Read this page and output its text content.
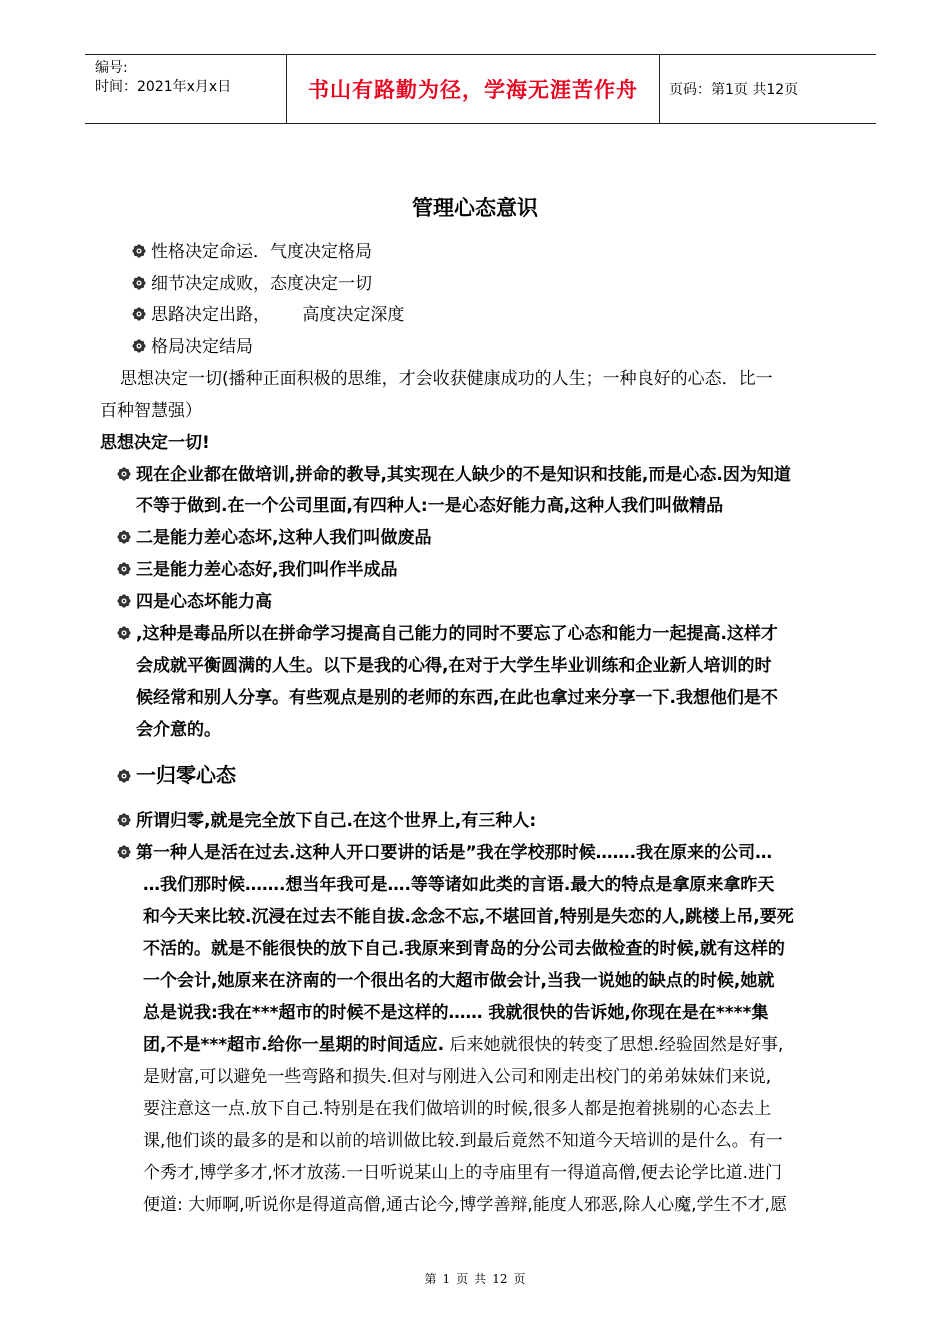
编号:
时间：2021年x月x日	书山有路勤为径，学海无涯苦作舟	页码：第1页 共12页
管理心态意识
性格决定命运．气度决定格局
细节决定成败，态度决定一切
思路决定出路，      高度决定深度
格局决定结局
思想决定一切(播种正面积极的思维，才会收获健康成功的人生；一种良好的心态．比一
百种智慧强）
思想决定一切!
现在企业都在做培训,拼命的教导,其实现在人缺少的不是知识和技能,而是心态.因为知道
不等于做到.在一个公司里面,有四种人:一是心态好能力高,这种人我们叫做精品
二是能力差心态坏,这种人我们叫做废品
三是能力差心态好,我们叫作半成品
四是心态坏能力高
,这种是毒品所以在拼命学习提高自己能力的同时不要忘了心态和能力一起提高.这样才
会成就平衡圆满的人生。以下是我的心得,在对于大学生毕业训练和企业新人培训的时
候经常和别人分享。有些观点是别的老师的东西,在此也拿过来分享一下.我想他们是不
会介意的。
一归零心态
所谓归零,就是完全放下自己.在这个世界上,有三种人:
第一种人是活在过去.这种人开口要讲的话是”我在学校那时候…….我在原来的公司…
…我们那时候…….想当年我可是….等等诸如此类的言语.最大的特点是拿原来拿昨天
和今天来比较.沉浸在过去不能自拔.念念不忘,不堪回首,特别是失恋的人,跳楼上吊,要死
不活的。就是不能很快的放下自己.我原来到青岛的分公司去做检查的时候,就有这样的
一个会计,她原来在济南的一个很出名的大超市做会计,当我一说她的缺点的时候,她就
总是说我:我在***超市的时候不是这样的…… 我就很快的告诉她,你现在是在****集
团,不是***超市.给你一星期的时间适应. 后来她就很快的转变了思想.经验固然是好事,
是财富,可以避免一些弯路和损失.但对与刚进入公司和刚走出校门的弟弟妹妹们来说,
要注意这一点.放下自己.特别是在我们做培训的时候,很多人都是抱着挑剔的心态去上
课,他们谈的最多的是和以前的培训做比较.到最后竟然不知道今天培训的是什么。有一
个秀才,博学多才,怀才放荡.一日听说某山上的寺庙里有一得道高僧,便去论学比道.进门
便道: 大师啊,听说你是得道高僧,通古论今,博学善辩,能度人邪恶,除人心魔,学生不才,愿
第 1 页 共 12 页
